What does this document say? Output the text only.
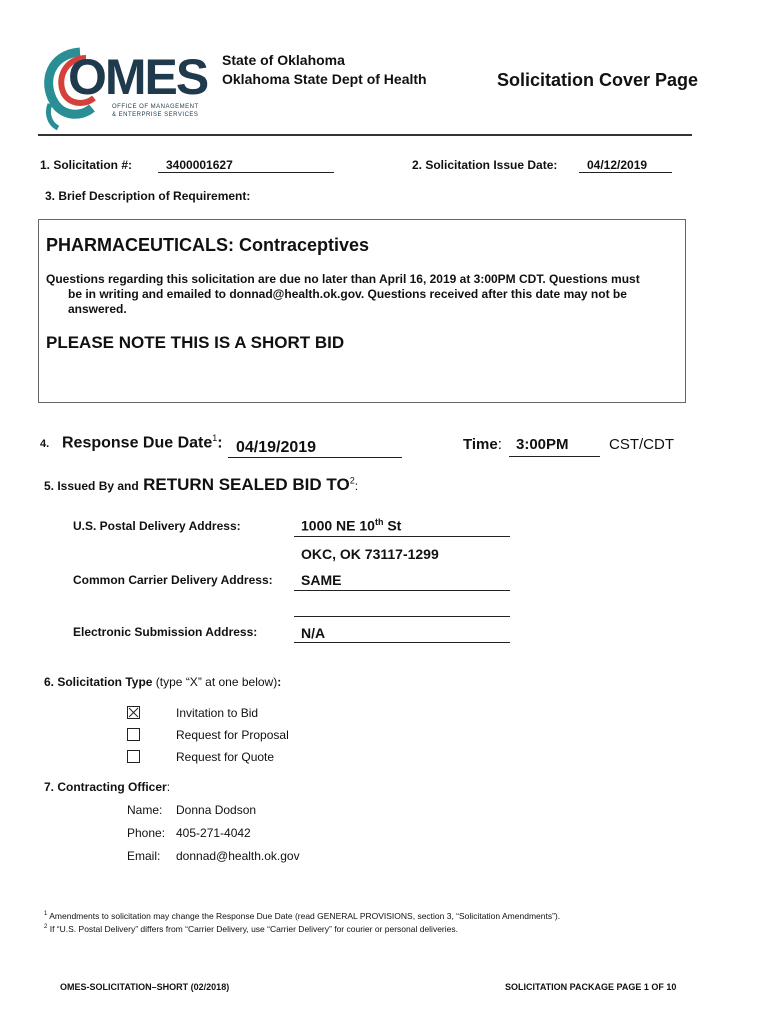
OMES
OFFICE OF MANAGEMENT
& ENTERPRISE SERVICES
State of Oklahoma
Oklahoma State Dept of Health	Solicitation Cover Page
1. Solicitation #:	3400001627	2. Solicitation Issue Date: 04/12/2019
3. Brief Description of Requirement:
PHARMACEUTICALS: Contraceptives
Questions regarding this solicitation are due no later than April 16, 2019 at 3:00PM CDT. Questions must
be in writing and emailed to donnad@health.ok.gov. Questions received after this date may not be
answered.
PLEASE NOTE THIS IS A SHORT BID
4. Response Due Date$^1$: 04/19/2019	Time: 3:00PM	CST/CDT
5. Issued By and RETURN SEALED BID $TO^2$:
U.S. Postal Delivery Address:	1000 NE 10th St
OKC, OK 73117-1299
Common Carrier Delivery Address: SAME
Electronic Submission Address:	N/A
6. Solicitation Type (type “X” at one below):
Invitation to Bid
Request for Proposal
Request for Quote
7. Contracting Officer:
Name: Donna Dodson
Phone: 405-271-4042
Email: donnad@health.ok.gov
$^1$ Amendments to solicitation may change the Response Due Date (read GENERAL PROVISIONS, section 3, “Solicitation Amendments”).
$^2$ If “U.S. Postal Delivery” differs from “Carrier Delivery, use “Carrier Delivery” for courier or personal deliveries.
OMES-SOLICITATION–SHORT (02/2018)	SOLICITATION PACKAGE PAGE 1 OF 10
